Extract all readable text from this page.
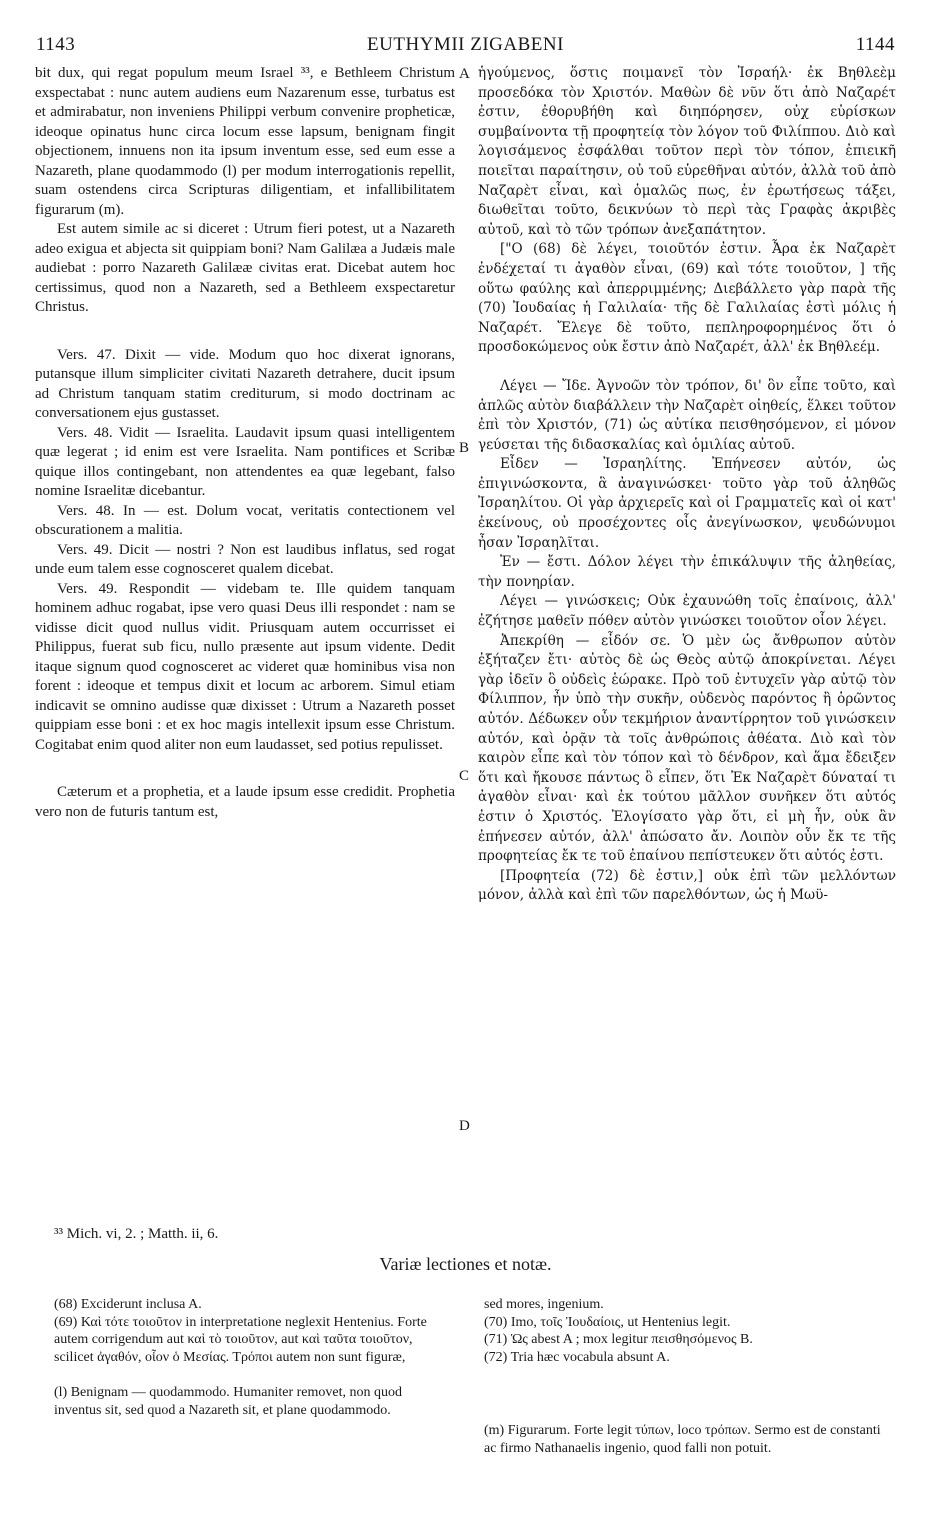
1143	EUTHYMII ZIGABENI	1144

bit dux, qui regat populum meum Israel ³³, e Bethleem Christum exspectabat : nunc autem audiens eum Nazarenum esse, turbatus est et admirabatur, non inveniens Philippi verbum convenire propheticæ, ideoque opinatus hunc circa locum esse lapsum, benignam fingit objectionem, innuens non ita ipsum inventum esse, sed eum esse a Nazareth, plane quodammodo (l) per modum interrogationis repellit, suam ostendens circa Scripturas diligentiam, et infallibilitatem figurarum (m).

Est autem simile ac si diceret : Utrum fieri potest, ut a Nazareth adeo exigua et abjecta sit quippiam boni? Nam Galilæa a Judæis male audiebat : porro Nazareth Galilææ civitas erat. Dicebat autem hoc certissimus, quod non a Nazareth, sed a Bethleem exspectaretur Christus.

Vers. 47. Dixit — vide. Modum quo hoc dixerat ignorans, putansque illum simpliciter civitati Nazareth detrahere, ducit ipsum ad Christum tanquam statim crediturum, si modo doctrinam ac conversationem ejus gustasset.

Vers. 48. Vidit — Israelita. Laudavit ipsum quasi intelligentem quæ legerat ; id enim est vere Israelita. Nam pontifices et Scribæ quique illos contingebant, non attendentes ea quæ legebant, falso nomine Israelitæ dicebantur.

Vers. 48. In — est. Dolum vocat, veritatis contectionem vel obscurationem a malitia.

Vers. 49. Dicit — nostri ? Non est laudibus inflatus, sed rogat unde eum talem esse cognosceret qualem dicebat.

Vers. 49. Respondit — videbam te. Ille quidem tanquam hominem adhuc rogabat, ipse vero quasi Deus illi respondet : nam se vidisse dicit quod nullus vidit. Priusquam autem occurrisset ei Philippus, fuerat sub ficu, nullo præsente aut ipsum vidente. Dedit itaque signum quod cognosceret ac videret quæ hominibus visa non forent : ideoque et tempus dixit et locum ac arborem. Simul etiam indicavit se omnino audisse quæ dixisset : Utrum a Nazareth posset quippiam esse boni : et ex hoc magis intellexit ipsum esse Christum. Cogitabat enim quod aliter non eum laudasset, sed potius repulisset.

Cæterum et a prophetia, et a laude ipsum esse credidit. Prophetia vero non de futuris tantum est,

A
B
C
D

ἡγούμενος, ὅστις ποιμανεῖ τὸν Ἰσραήλ· ἐκ Βηθλεὲμ προσεδόκα τὸν Χριστόν. Μαθὼν δὲ νῦν ὅτι ἀπὸ Ναζαρέτ ἐστιν, ἐθορυβήθη καὶ διηπόρησεν, οὐχ εὑρίσκων συμβαίνοντα τῇ προφητείᾳ τὸν λόγον τοῦ Φιλίππου. Διὸ καὶ λογισάμενος ἐσφάλθαι τοῦτον περὶ τὸν τόπον, ἐπιεικῆ ποιεῖται παραίτησιν, οὐ τοῦ εὑρεθῆναι αὐτόν, ἀλλὰ τοῦ ἀπὸ Ναζαρὲτ εἶναι, καὶ ὁμαλῶς πως, ἐν ἐρωτήσεως τάξει, διωθεῖται τοῦτο, δεικνύων τὸ περὶ τὰς Γραφὰς ἀκριβὲς αὐτοῦ, καὶ τὸ τῶν τρόπων ἀνεξαπάτητον.

["Ο (68) δὲ λέγει, τοιοῦτόν ἐστιν. Ἆρα ἐκ Ναζαρὲτ ἐνδέχεταί τι ἀγαθὸν εἶναι, (69) καὶ τότε τοιοῦτον, ] τῆς οὕτω φαύλης καὶ ἀπερριμμένης; Διεβάλλετο γὰρ παρὰ τῆς (70) Ἰουδαίας ἡ Γαλιλαία· τῆς δὲ Γαλιλαίας ἐστὶ μόλις ἡ Ναζαρέτ. Ἔλεγε δὲ τοῦτο, πεπληροφορημένος ὅτι ὁ προσδοκώμενος οὐκ ἔστιν ἀπὸ Ναζαρέτ, ἀλλ' ἐκ Βηθλεέμ.

Λέγει — Ἴδε. Ἀγνοῶν τὸν τρόπον, δι' ὃν εἶπε τοῦτο, καὶ ἁπλῶς αὐτὸν διαβάλλειν τὴν Ναζαρὲτ οἰηθείς, ἕλκει τοῦτον ἐπὶ τὸν Χριστόν, (71) ὡς αὐτίκα πεισθησόμενον, εἰ μόνον γεύσεται τῆς διδασκαλίας καὶ ὁμιλίας αὐτοῦ.

Εἶδεν — Ἰσραηλίτης. Ἐπήνεσεν αὐτόν, ὡς ἐπιγινώσκοντα, ἃ ἀναγινώσκει· τοῦτο γὰρ τοῦ ἀληθῶς Ἰσραηλίτου. Οἱ γὰρ ἀρχιερεῖς καὶ οἱ Γραμματεῖς καὶ οἱ κατ' ἐκείνους, οὐ προσέχοντες οἷς ἀνεγίνωσκον, ψευδώνυμοι ἦσαν Ἰσραηλῖται.

Ἐν — ἔστι. Δόλον λέγει τὴν ἐπικάλυψιν τῆς ἀληθείας, τὴν πονηρίαν.

Λέγει — γινώσκεις; Οὐκ ἐχαυνώθη τοῖς ἐπαίνοις, ἀλλ' ἐζήτησε μαθεῖν πόθεν αὐτὸν γινώσκει τοιοῦτον οἷον λέγει.

Ἀπεκρίθη — εἶδόν σε. Ὁ μὲν ὡς ἄνθρωπον αὐτὸν ἐξήταζεν ἔτι· αὐτὸς δὲ ὡς Θεὸς αὐτῷ ἀποκρίνεται. Λέγει γὰρ ἰδεῖν ὃ οὐδεὶς ἑώρακε. Πρὸ τοῦ ἐντυχεῖν γὰρ αὐτῷ τὸν Φίλιππον, ἦν ὑπὸ τὴν συκῆν, οὐδενὸς παρόντος ἢ ὁρῶντος αὐτόν. Δέδωκεν οὖν τεκμήριον ἀναντίρρητον τοῦ γινώσκειν αὐτόν, καὶ ὁρᾷν τὰ τοῖς ἀνθρώποις ἀθέατα. Διὸ καὶ τὸν καιρὸν εἶπε καὶ τὸν τόπον καὶ τὸ δένδρον, καὶ ἅμα ἔδειξεν ὅτι καὶ ἤκουσε πάντως ὃ εἶπεν, ὅτι Ἐκ Ναζαρὲτ δύναταί τι ἀγαθὸν εἶναι· καὶ ἐκ τούτου μᾶλλον συνῆκεν ὅτι αὐτός ἐστιν ὁ Χριστός. Ἐλογίσατο γὰρ ὅτι, εἰ μὴ ἦν, οὐκ ἂν ἐπήνεσεν αὐτόν, ἀλλ' ἀπώσατο ἄν. Λοιπὸν οὖν ἔκ τε τῆς προφητείας ἔκ τε τοῦ ἐπαίνου πεπίστευκεν ὅτι αὐτός ἐστι.

[Προφητεία (72) δὲ ἐστιν,] οὐκ ἐπὶ τῶν μελλόντων μόνον, ἀλλὰ καὶ ἐπὶ τῶν παρελθόντων, ὡς ἡ Μωϋ-

³³ Mich. vi, 2. ; Matth. ii, 6.
Variæ lectiones et notæ.

(68) Exciderunt inclusa A.

(69) Καὶ τότε τοιοῦτον in interpretatione neglexit Hentenius. Forte autem corrigendum aut καὶ τὸ τοιοῦτον, aut καὶ ταῦτα τοιοῦτον, scilicet ἀγαθόν, οἷον ὁ Μεσίας. Τρόποι autem non sunt figuræ,

(l) Benignam — quodammodo. Humaniter removet, non quod inventus sit, sed quod a Nazareth sit, et plane quodammodo.

sed mores, ingenium.

(70) Imo, τοῖς Ἰουδαίοις, ut Hentenius legit.

(71) Ὡς abest A ; mox legitur πεισθησόμενος B.

(72) Tria hæc vocabula absunt A.

(m) Figurarum. Forte legit τύπων, loco τρόπων. Sermo est de constanti ac firmo Nathanaelis ingenio, quod falli non potuit.
